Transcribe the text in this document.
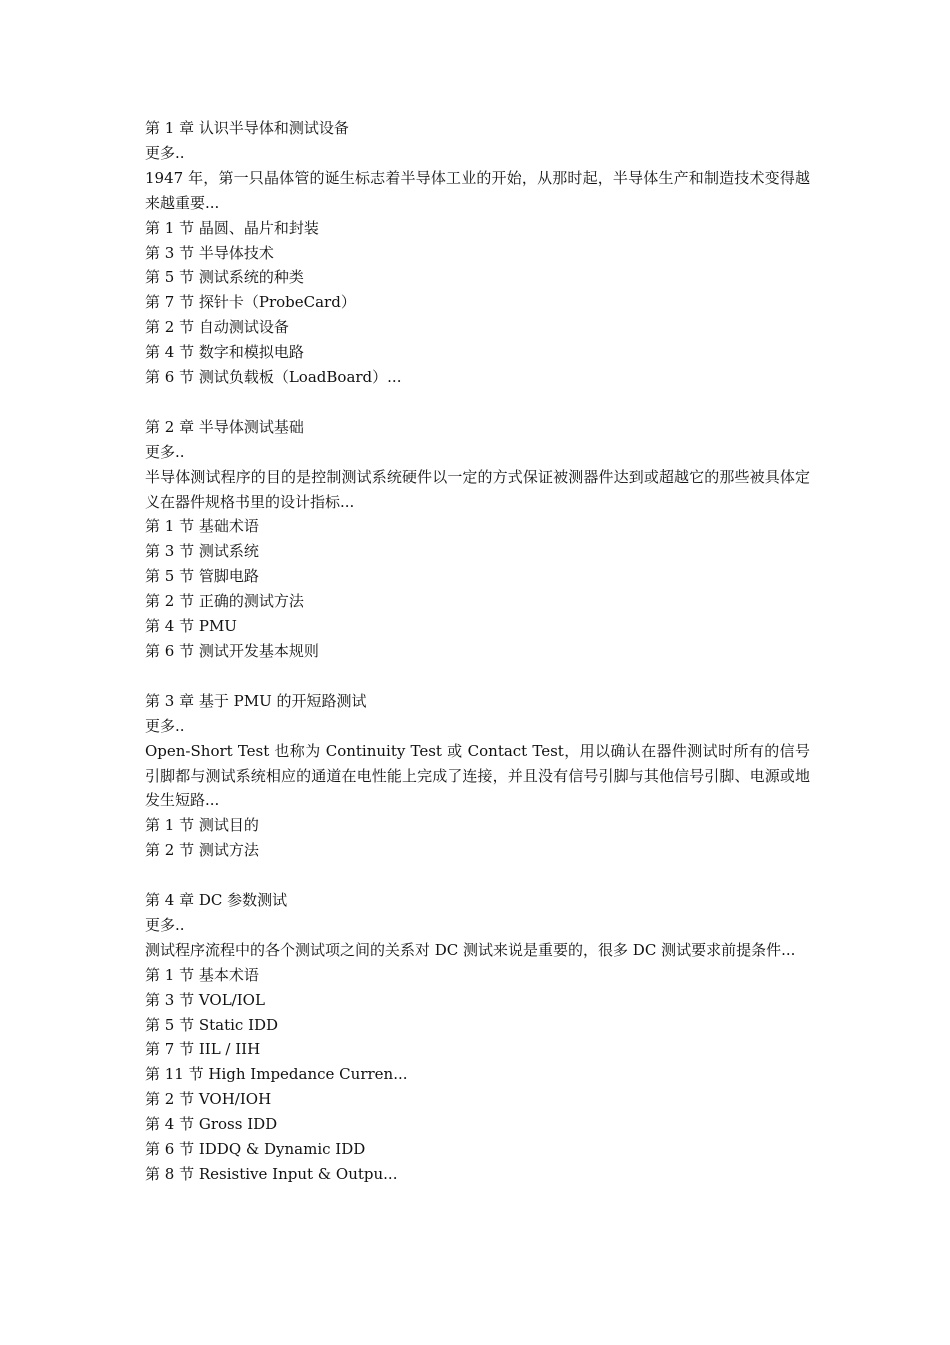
第 1 章 认识半导体和测试设备
更多..
1947 年，第一只晶体管的诞生标志着半导体工业的开始，从那时起，半导体生产和制造技术变得越来越重要...
第 1 节 晶圆、晶片和封装
第 3 节 半导体技术
第 5 节 测试系统的种类
第 7 节 探针卡（ProbeCard）
第 2 节 自动测试设备
第 4 节 数字和模拟电路
第 6 节 测试负载板（LoadBoard）...
第 2 章 半导体测试基础
更多..
半导体测试程序的目的是控制测试系统硬件以一定的方式保证被测器件达到或超越它的那些被具体定义在器件规格书里的设计指标...
第 1 节 基础术语
第 3 节 测试系统
第 5 节 管脚电路
第 2 节 正确的测试方法
第 4 节 PMU
第 6 节 测试开发基本规则
第 3 章 基于 PMU 的开短路测试
更多..
Open-Short Test 也称为 Continuity Test 或 Contact Test，用以确认在器件测试时所有的信号引脚都与测试系统相应的通道在电性能上完成了连接，并且没有信号引脚与其他信号引脚、电源或地发生短路...
第 1 节 测试目的
第 2 节 测试方法
第 4 章 DC 参数测试
更多..
测试程序流程中的各个测试项之间的关系对 DC 测试来说是重要的，很多 DC 测试要求前提条件...
第 1 节 基本术语
第 3 节 VOL/IOL
第 5 节 Static IDD
第 7 节 IIL / IIH
第 11 节 High Impedance Curren...
第 2 节 VOH/IOH
第 4 节 Gross IDD
第 6 节 IDDQ & Dynamic IDD
第 8 节 Resistive Input & Outpu...
